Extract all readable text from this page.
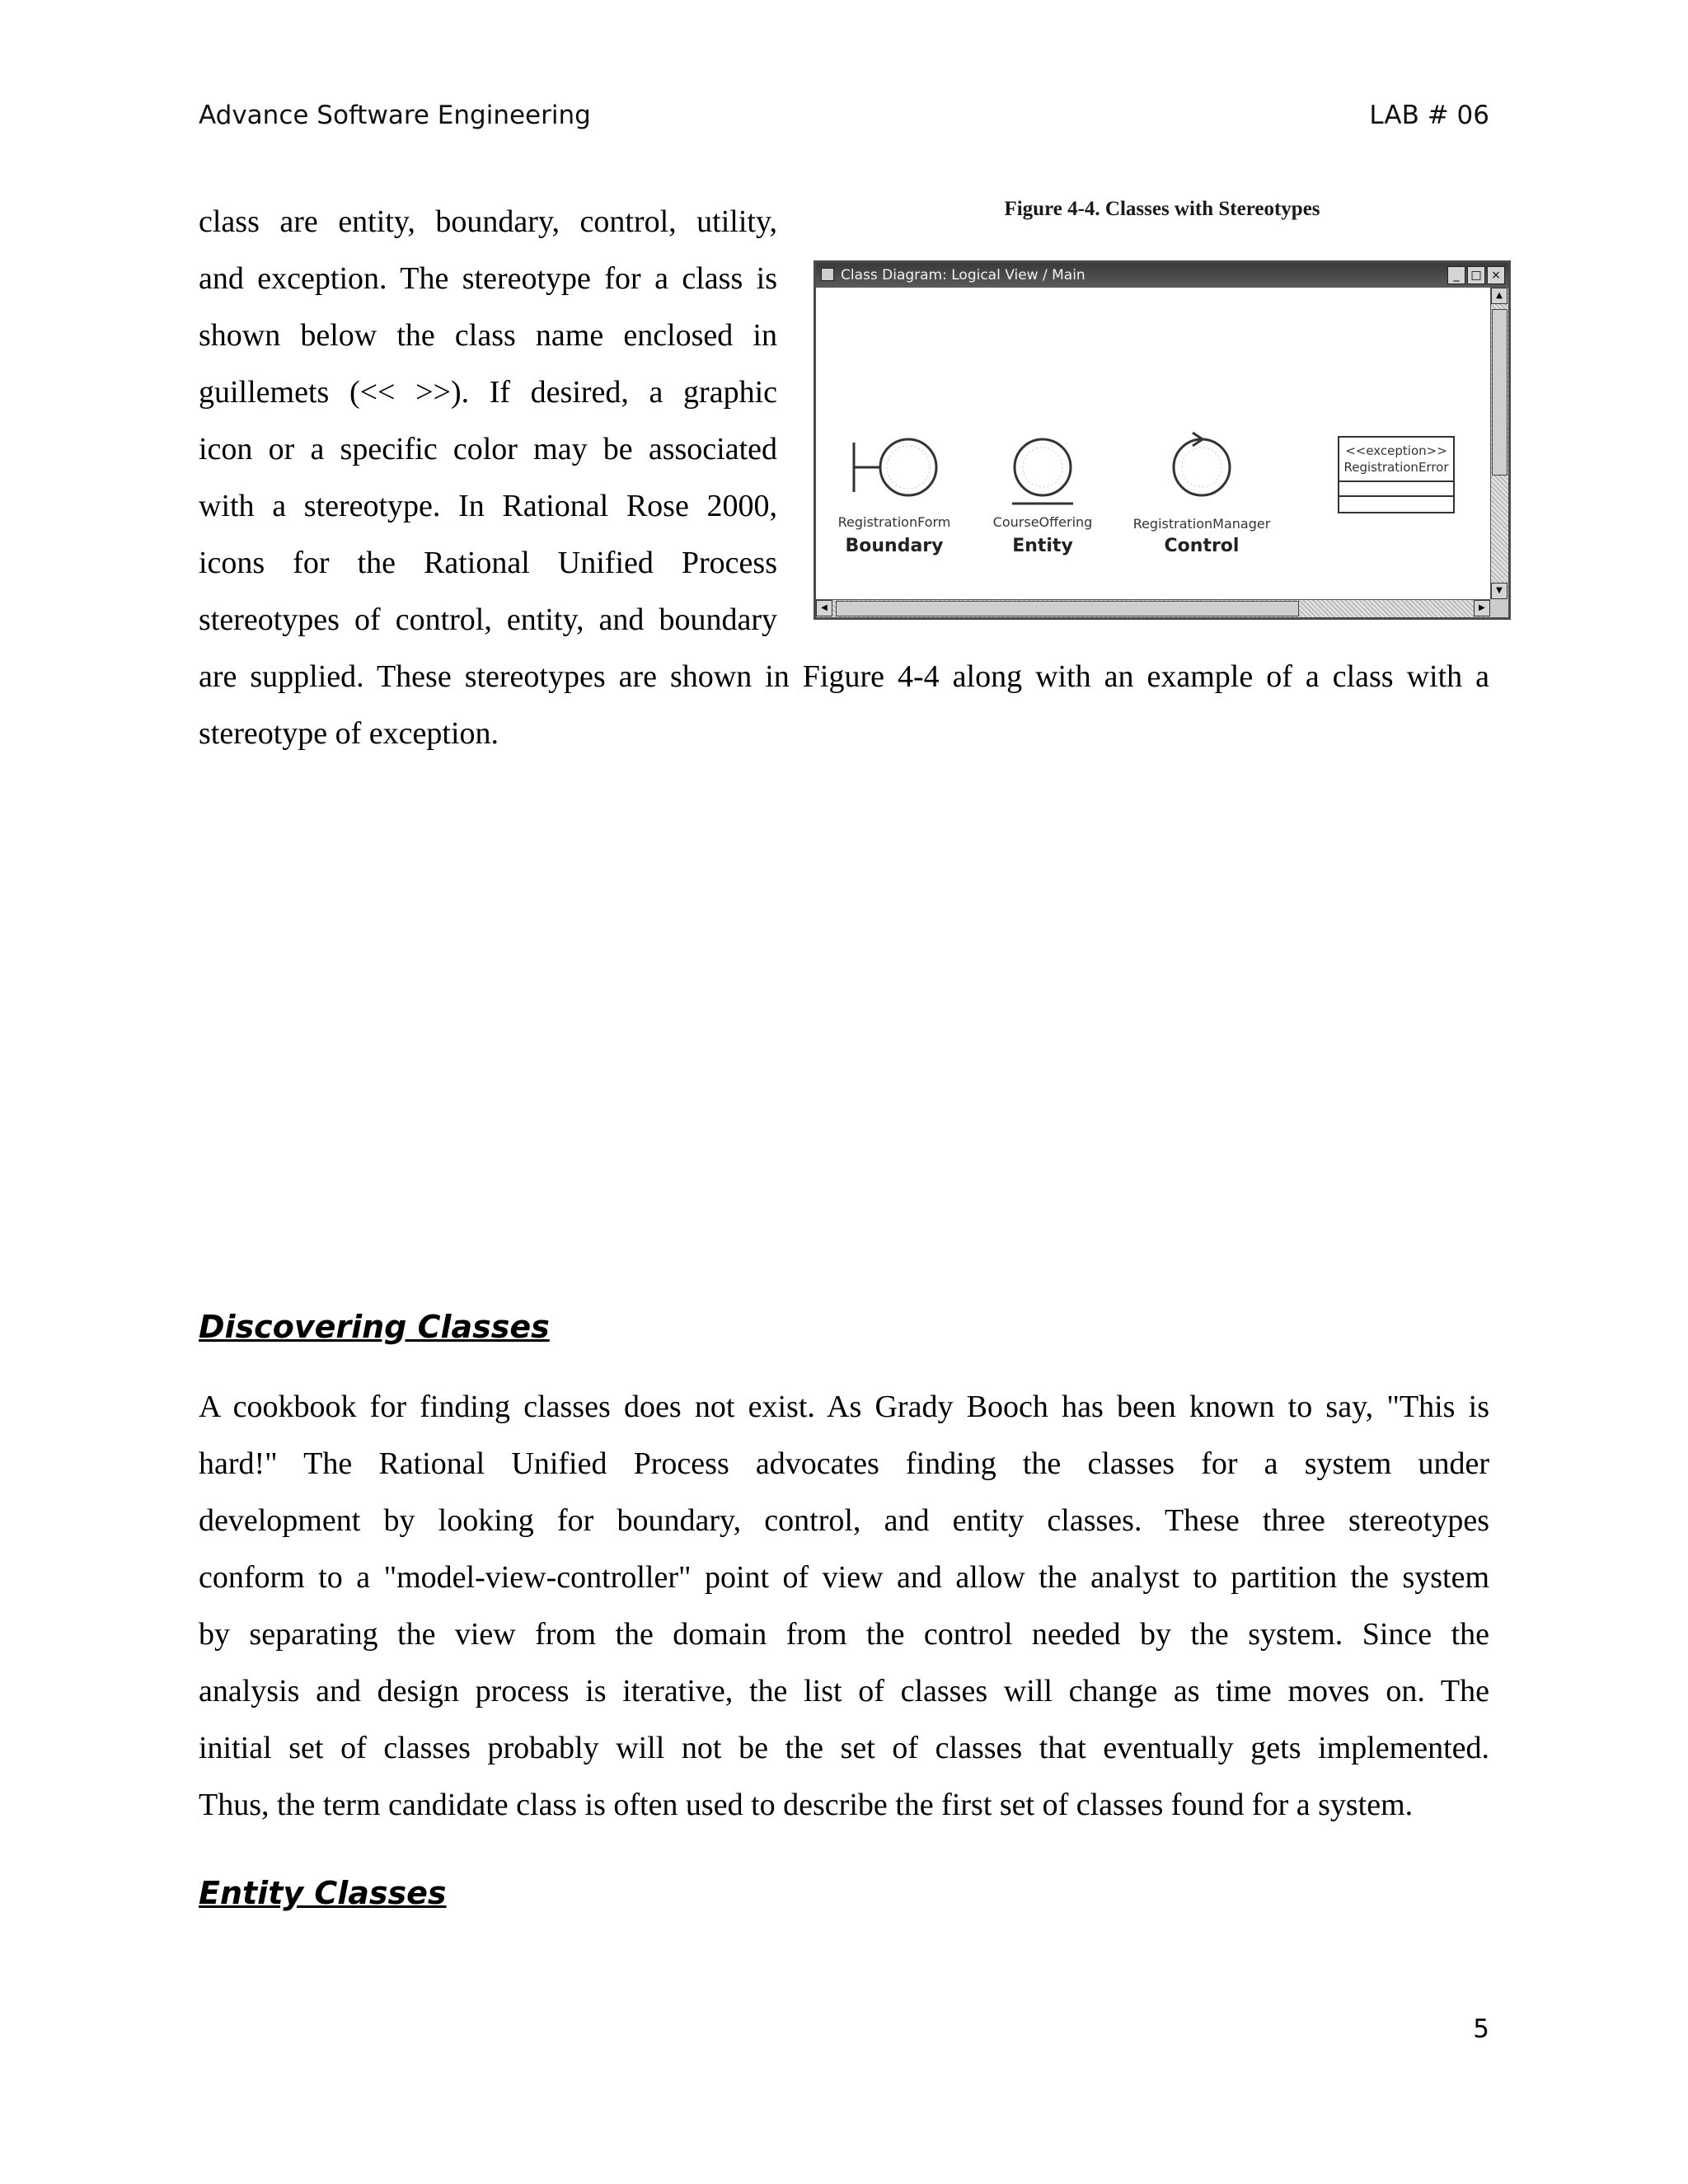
Advance Software Engineering	LAB # 06
class are entity, boundary, control, utility,
and exception. The stereotype for a class is
shown below the class name enclosed in
guillemets (<< >>). If desired, a graphic
icon or a specific color may be associated
with a stereotype. In Rational Rose 2000,
icons for the Rational Unified Process
stereotypes of control, entity, and boundary
are supplied. These stereotypes are shown in Figure 4-4 along with an example of a class with a
stereotype of exception.
Figure 4-4. Classes with Stereotypes
Class Diagram: Logical View / Main	_ □ ×
RegistrationForm
Boundary
CourseOffering
Entity
RegistrationManager
Control
<<exception>>
RegistrationError
▲
▼
◀	▶
Discovering Classes
A cookbook for finding classes does not exist. As Grady Booch has been known to say, "This is
hard!" The Rational Unified Process advocates finding the classes for a system under
development by looking for boundary, control, and entity classes. These three stereotypes
conform to a "model-view-controller" point of view and allow the analyst to partition the system
by separating the view from the domain from the control needed by the system. Since the
analysis and design process is iterative, the list of classes will change as time moves on. The
initial set of classes probably will not be the set of classes that eventually gets implemented.
Thus, the term candidate class is often used to describe the first set of classes found for a system.
Entity Classes
5
